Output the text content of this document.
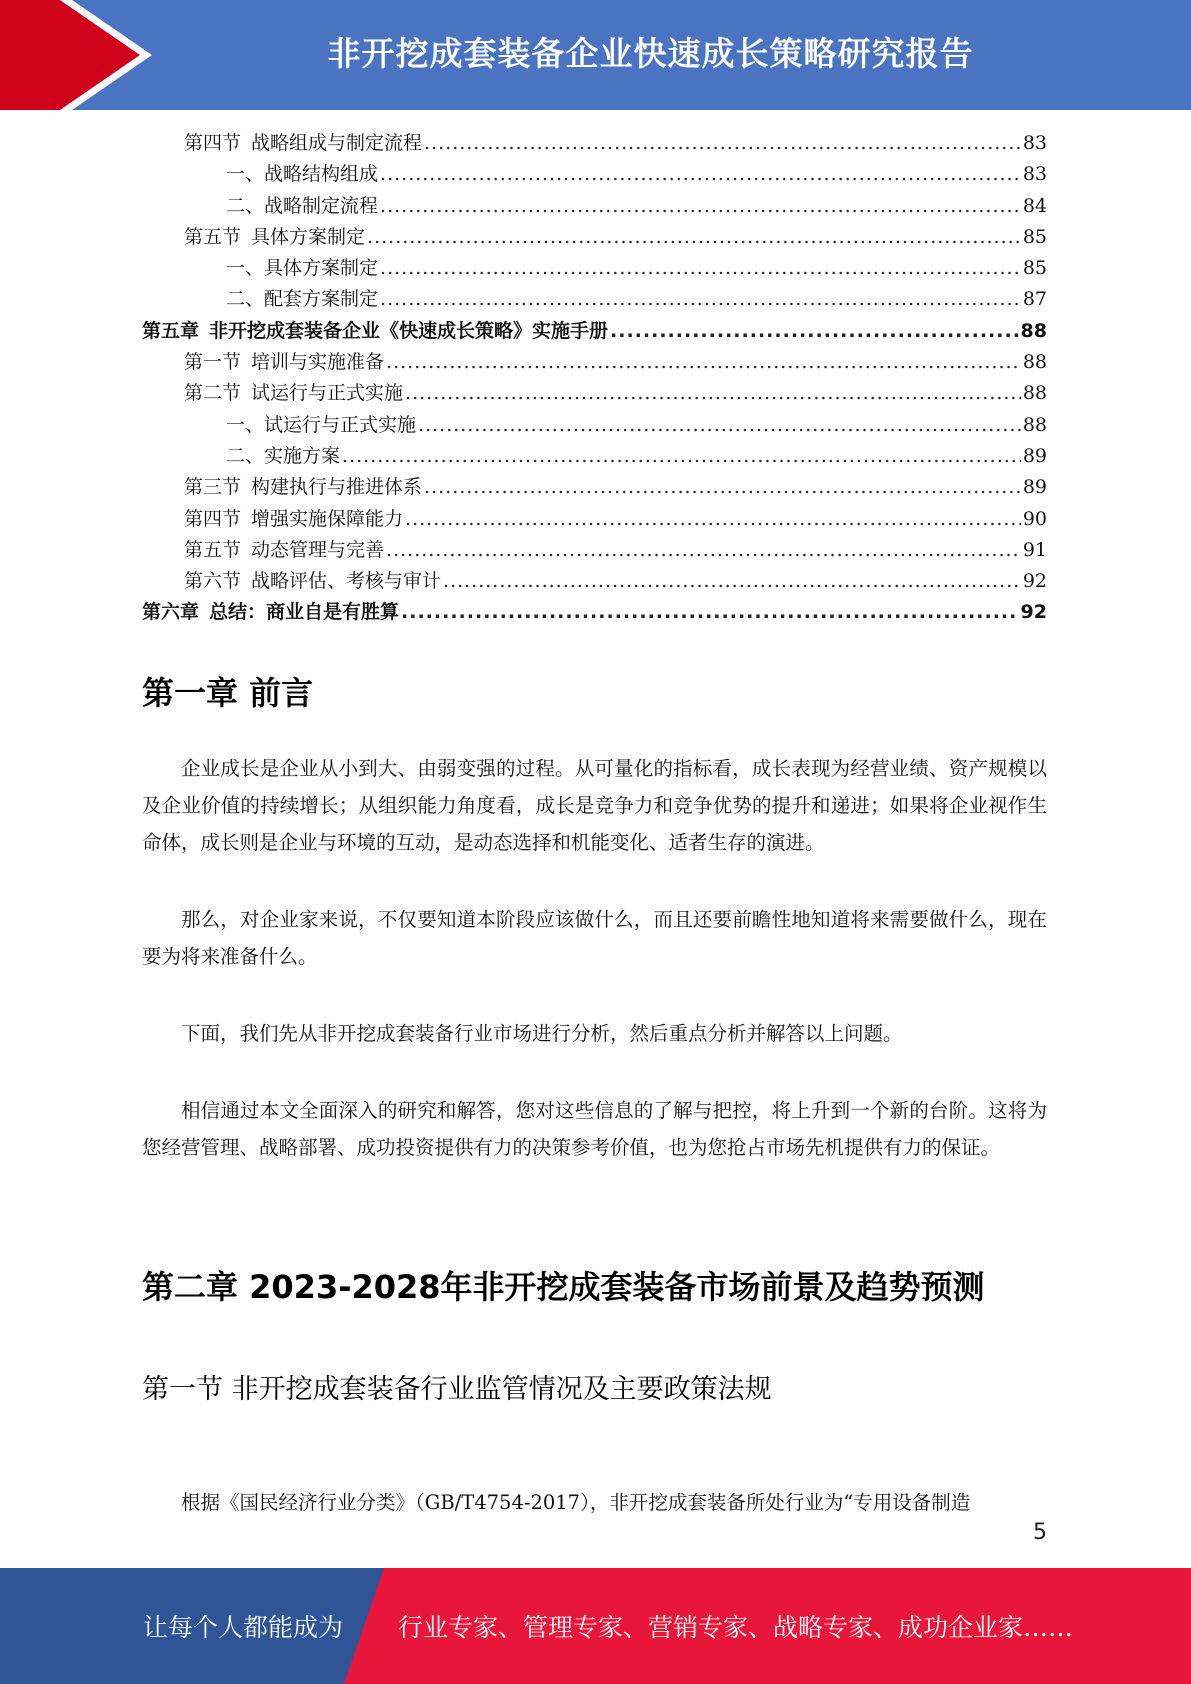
非开挖成套装备企业快速成长策略研究报告
第四节 战略组成与制定流程 .....	83
一、战略结构组成 .....	83
二、战略制定流程 .....	84
第五节 具体方案制定 .....	85
一、具体方案制定 .....	85
二、配套方案制定 .....	87
第五章 非开挖成套装备企业《快速成长策略》实施手册 .....	88
第一节 培训与实施准备 .....	88
第二节 试运行与正式实施 .....	88
一、试运行与正式实施 .....	88
二、实施方案 .....	89
第三节 构建执行与推进体系 .....	89
第四节 增强实施保障能力 .....	90
第五节 动态管理与完善 .....	91
第六节 战略评估、考核与审计 .....	92
第六章 总结：商业自是有胜算 .....	92
第一章 前言

企业成长是企业从小到大、由弱变强的过程。从可量化的指标看，成长表现为经营业绩、资产规模以及企业价值的持续增长；从组织能力角度看，成长是竞争力和竞争优势的提升和递进；如果将企业视作生命体，成长则是企业与环境的互动，是动态选择和机能变化、适者生存的演进。

那么，对企业家来说，不仅要知道本阶段应该做什么，而且还要前瞻性地知道将来需要做什么，现在要为将来准备什么。

下面，我们先从非开挖成套装备行业市场进行分析，然后重点分析并解答以上问题。

相信通过本文全面深入的研究和解答，您对这些信息的了解与把控，将上升到一个新的台阶。这将为您经营管理、战略部署、成功投资提供有力的决策参考价值，也为您抢占市场先机提供有力的保证。

第二章 2023-2028年非开挖成套装备市场前景及趋势预测
第一节 非开挖成套装备行业监管情况及主要政策法规

根据《国民经济行业分类》（GB/T4754-2017），非开挖成套装备所处行业为“专用设备制造

5
让每个人都能成为 行业专家、管理专家、营销专家、战略专家、成功企业家……
